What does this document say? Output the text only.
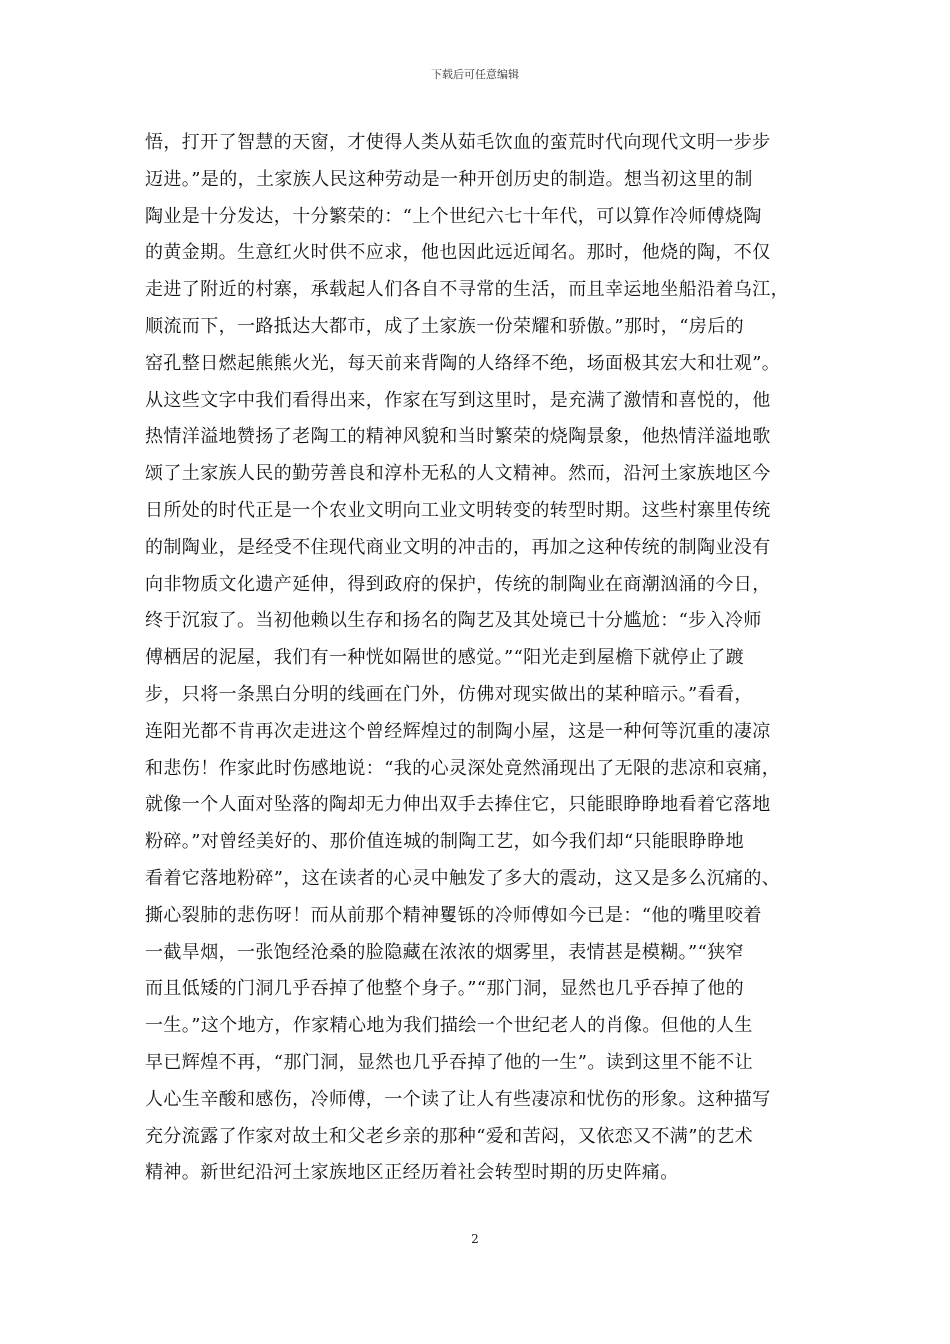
下载后可任意编辑
悟，打开了智慧的天窗，才使得人类从茹毛饮血的蛮荒时代向现代文明一步步
迈进。”是的，土家族人民这种劳动是一种开创历史的制造。想当初这里的制
陶业是十分发达，十分繁荣的：“上个世纪六七十年代，可以算作冷师傅烧陶
的黄金期。生意红火时供不应求，他也因此远近闻名。那时，他烧的陶，不仅
走进了附近的村寨，承载起人们各自不寻常的生活，而且幸运地坐船沿着乌江，
顺流而下，一路抵达大都市，成了土家族一份荣耀和骄傲。”那时，“房后的
窑孔整日燃起熊熊火光，每天前来背陶的人络绎不绝，场面极其宏大和壮观”。
从这些文字中我们看得出来，作家在写到这里时，是充满了激情和喜悦的，他
热情洋溢地赞扬了老陶工的精神风貌和当时繁荣的烧陶景象，他热情洋溢地歌
颂了土家族人民的勤劳善良和淳朴无私的人文精神。然而，沿河土家族地区今
日所处的时代正是一个农业文明向工业文明转变的转型时期。这些村寨里传统
的制陶业，是经受不住现代商业文明的冲击的，再加之这种传统的制陶业没有
向非物质文化遗产延伸，得到政府的保护，传统的制陶业在商潮汹涌的今日，
终于沉寂了。当初他赖以生存和扬名的陶艺及其处境已十分尴尬：“步入冷师
傅栖居的泥屋，我们有一种恍如隔世的感觉。”“阳光走到屋檐下就停止了踱
步，只将一条黑白分明的线画在门外，仿佛对现实做出的某种暗示。”看看，
连阳光都不肯再次走进这个曾经辉煌过的制陶小屋，这是一种何等沉重的凄凉
和悲伤！作家此时伤感地说：“我的心灵深处竟然涌现出了无限的悲凉和哀痛，
就像一个人面对坠落的陶却无力伸出双手去捧住它，只能眼睁睁地看着它落地
粉碎。”对曾经美好的、那价值连城的制陶工艺，如今我们却“只能眼睁睁地
看着它落地粉碎”，这在读者的心灵中触发了多大的震动，这又是多么沉痛的、
撕心裂肺的悲伤呀！而从前那个精神矍铄的冷师傅如今已是：“他的嘴里咬着
一截旱烟，一张饱经沧桑的脸隐藏在浓浓的烟雾里，表情甚是模糊。”“狭窄
而且低矮的门洞几乎吞掉了他整个身子。”“那门洞，显然也几乎吞掉了他的
一生。”这个地方，作家精心地为我们描绘一个世纪老人的肖像。但他的人生
早已辉煌不再，“那门洞，显然也几乎吞掉了他的一生”。读到这里不能不让
人心生辛酸和感伤，冷师傅，一个读了让人有些凄凉和忧伤的形象。这种描写
充分流露了作家对故土和父老乡亲的那种“爱和苦闷，又依恋又不满”的艺术
精神。新世纪沿河土家族地区正经历着社会转型时期的历史阵痛。
2
